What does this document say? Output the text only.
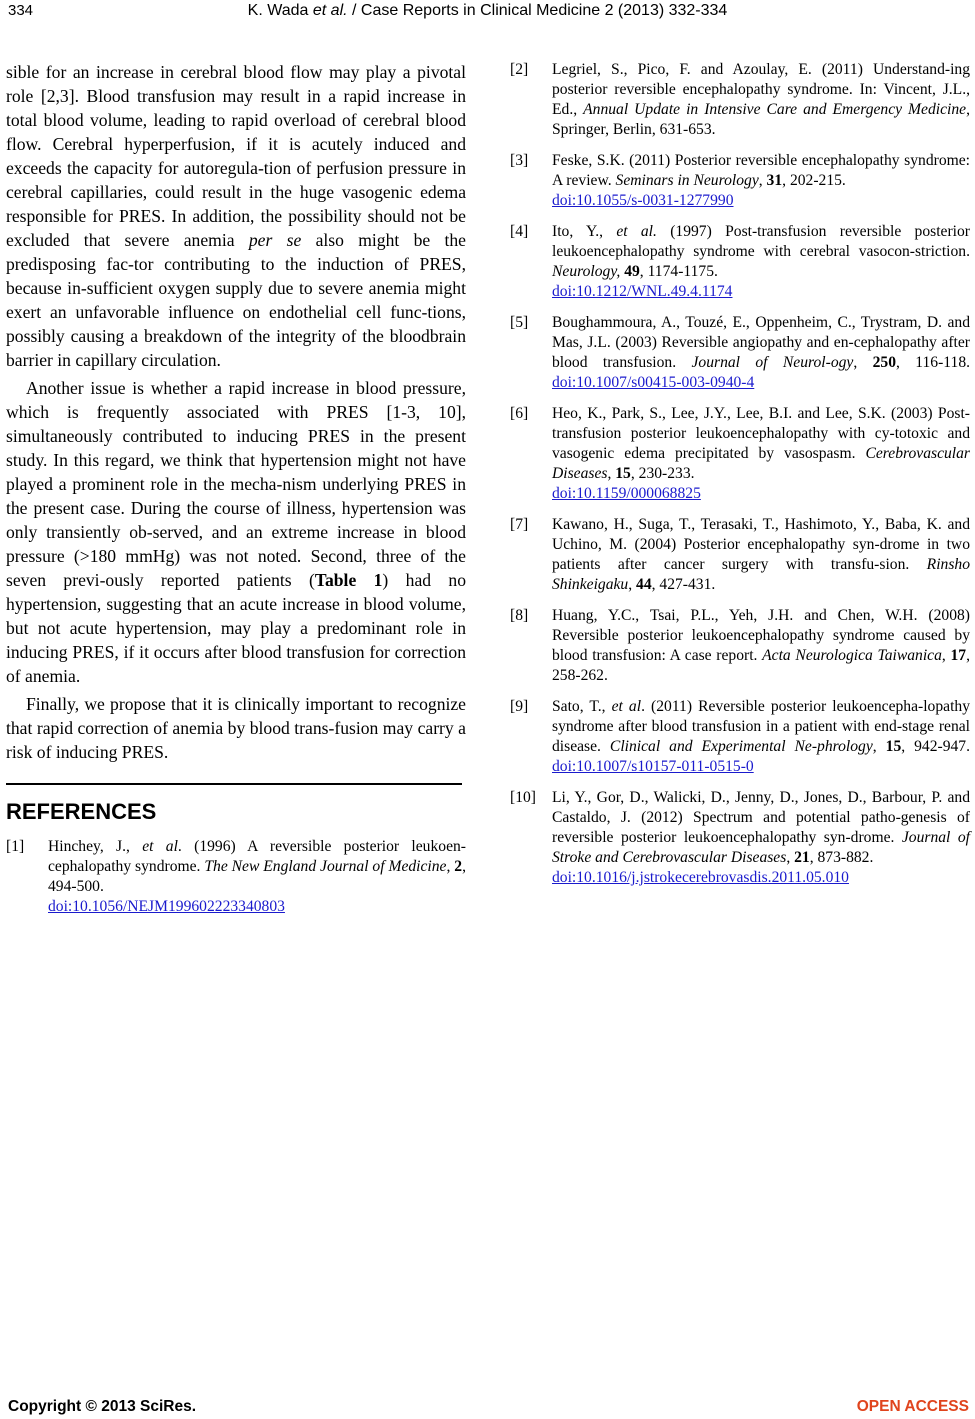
334	K. Wada et al. / Case Reports in Clinical Medicine 2 (2013) 332-334

sible for an increase in cerebral blood flow may play a pivotal role [2,3]. Blood transfusion may result in a rapid increase in total blood volume, leading to rapid overload of cerebral blood flow. Cerebral hyperperfusion, if it is acutely induced and exceeds the capacity for autoregula-tion of perfusion pressure in cerebral capillaries, could result in the huge vasogenic edema responsible for PRES. In addition, the possibility should not be excluded that severe anemia per se also might be the predisposing fac-tor contributing to the induction of PRES, because in-sufficient oxygen supply due to severe anemia might exert an unfavorable influence on endothelial cell func-tions, possibly causing a breakdown of the integrity of the bloodbrain barrier in capillary circulation.

Another issue is whether a rapid increase in blood pressure, which is frequently associated with PRES [1-3, 10], simultaneously contributed to inducing PRES in the present study. In this regard, we think that hypertension might not have played a prominent role in the mecha-nism underlying PRES in the present case. During the course of illness, hypertension was only transiently ob-served, and an extreme increase in blood pressure (>180 mmHg) was not noted. Second, three of the seven previ-ously reported patients (Table 1) had no hypertension, suggesting that an acute increase in blood volume, but not acute hypertension, may play a predominant role in inducing PRES, if it occurs after blood transfusion for correction of anemia.

Finally, we propose that it is clinically important to recognize that rapid correction of anemia by blood trans-fusion may carry a risk of inducing PRES.

REFERENCES
[1]	Hinchey, J., et al. (1996) A reversible posterior leukoen-cephalopathy syndrome. The New England Journal of Medicine, 2, 494-500.
doi:10.1056/NEJM199602223340803
[2]	Legriel, S., Pico, F. and Azoulay, E. (2011) Understand-ing posterior reversible encephalopathy syndrome. In: Vincent, J.L., Ed., Annual Update in Intensive Care and Emergency Medicine, Springer, Berlin, 631-653.
[3]	Feske, S.K. (2011) Posterior reversible encephalopathy syndrome: A review. Seminars in Neurology, 31, 202-215.
doi:10.1055/s-0031-1277990
[4]	Ito, Y., et al. (1997) Post-transfusion reversible posterior leukoencephalopathy syndrome with cerebral vasocon-striction. Neurology, 49, 1174-1175.
doi:10.1212/WNL.49.4.1174
[5]	Boughammoura, A., Touzé, E., Oppenheim, C., Trystram, D. and Mas, J.L. (2003) Reversible angiopathy and en-cephalopathy after blood transfusion. Journal of Neurol-ogy, 250, 116-118. doi:10.1007/s00415-003-0940-4
[6]	Heo, K., Park, S., Lee, J.Y., Lee, B.I. and Lee, S.K. (2003) Post-transfusion posterior leukoencephalopathy with cy-totoxic and vasogenic edema precipitated by vasospasm. Cerebrovascular Diseases, 15, 230-233.
doi:10.1159/000068825
[7]	Kawano, H., Suga, T., Terasaki, T., Hashimoto, Y., Baba, K. and Uchino, M. (2004) Posterior encephalopathy syn-drome in two patients after cancer surgery with transfu-sion. Rinsho Shinkeigaku, 44, 427-431.
[8]	Huang, Y.C., Tsai, P.L., Yeh, J.H. and Chen, W.H. (2008) Reversible posterior leukoencephalopathy syndrome caused by blood transfusion: A case report. Acta Neurologica Taiwanica, 17, 258-262.
[9]	Sato, T., et al. (2011) Reversible posterior leukoencepha-lopathy syndrome after blood transfusion in a patient with end-stage renal disease. Clinical and Experimental Ne-phrology, 15, 942-947. doi:10.1007/s10157-011-0515-0
[10]	Li, Y., Gor, D., Walicki, D., Jenny, D., Jones, D., Barbour, P. and Castaldo, J. (2012) Spectrum and potential patho-genesis of reversible posterior leukoencephalopathy syn-drome. Journal of Stroke and Cerebrovascular Diseases, 21, 873-882.
doi:10.1016/j.jstrokecerebrovasdis.2011.05.010
Copyright © 2013 SciRes.	OPEN ACCESS
